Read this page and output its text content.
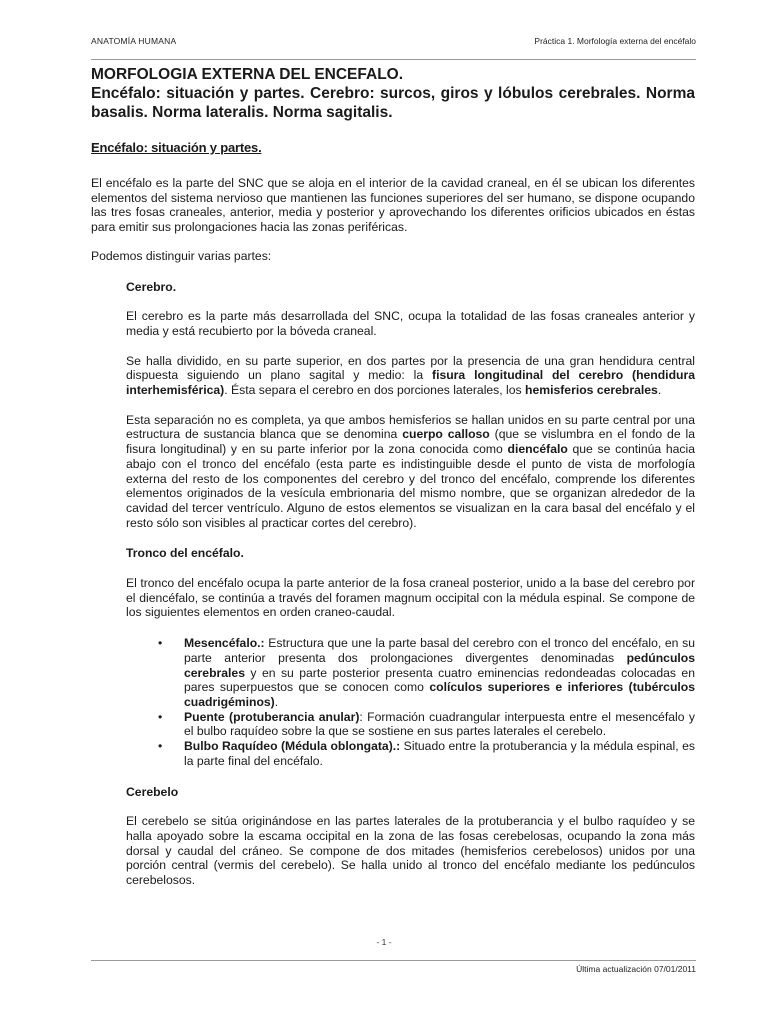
ANATOMÍA HUMANA	Práctica 1. Morfología externa del encéfalo
MORFOLOGIA EXTERNA DEL ENCEFALO.
Encéfalo: situación y partes. Cerebro: surcos, giros y lóbulos cerebrales. Norma basalis. Norma lateralis. Norma sagitalis.
Encéfalo: situación y partes.

El encéfalo es la parte del SNC que se aloja en el interior de la cavidad craneal, en él se ubican los diferentes elementos del sistema nervioso que mantienen las funciones superiores del ser humano, se dispone ocupando las tres fosas craneales, anterior, media y posterior y aprovechando los diferentes orificios ubicados en éstas para emitir sus prolongaciones hacia las zonas periféricas.

Podemos distinguir varias partes:

Cerebro.

El cerebro es la parte más desarrollada del SNC, ocupa la totalidad de las fosas craneales anterior y media y está recubierto por la bóveda craneal.

Se halla dividido, en su parte superior, en dos partes por la presencia de una gran hendidura central dispuesta siguiendo un plano sagital y medio: la fisura longitudinal del cerebro (hendidura interhemisférica). Ésta separa el cerebro en dos porciones laterales, los hemisferios cerebrales.

Esta separación no es completa, ya que ambos hemisferios se hallan unidos en su parte central por una estructura de sustancia blanca que se denomina cuerpo calloso (que se vislumbra en el fondo de la fisura longitudinal) y en su parte inferior por la zona conocida como diencéfalo que se continúa hacia abajo con el tronco del encéfalo (esta parte es indistinguible desde el punto de vista de morfología externa del resto de los componentes del cerebro y del tronco del encéfalo, comprende los diferentes elementos originados de la vesícula embrionaria del mismo nombre, que se organizan alrededor de la cavidad del tercer ventrículo. Alguno de estos elementos se visualizan en la cara basal del encéfalo y el resto sólo son visibles al practicar cortes del cerebro).

Tronco del encéfalo.

El tronco del encéfalo ocupa la parte anterior de la fosa craneal posterior, unido a la base del cerebro por el diencéfalo, se continúa a través del foramen magnum occipital con la médula espinal. Se compone de los siguientes elementos en orden craneo-caudal.

• Mesencéfalo.: Estructura que une la parte basal del cerebro con el tronco del encéfalo, en su parte anterior presenta dos prolongaciones divergentes denominadas pedúnculos cerebrales y en su parte posterior presenta cuatro eminencias redondeadas colocadas en pares superpuestos que se conocen como colículos superiores e inferiores (tubérculos cuadrigéminos).
• Puente (protuberancia anular): Formación cuadrangular interpuesta entre el mesencéfalo y el bulbo raquídeo sobre la que se sostiene en sus partes laterales el cerebelo.
• Bulbo Raquídeo (Médula oblongata).: Situado entre la protuberancia y la médula espinal, es la parte final del encéfalo.
Cerebelo

El cerebelo se sitúa originándose en las partes laterales de la protuberancia y el bulbo raquídeo y se halla apoyado sobre la escama occipital en la zona de las fosas cerebelosas, ocupando la zona más dorsal y caudal del cráneo. Se compone de dos mitades (hemisferios cerebelosos) unidos por una porción central (vermis del cerebelo). Se halla unido al tronco del encéfalo mediante los pedúnculos cerebelosos.

- 1 -
Última actualización 07/01/2011
